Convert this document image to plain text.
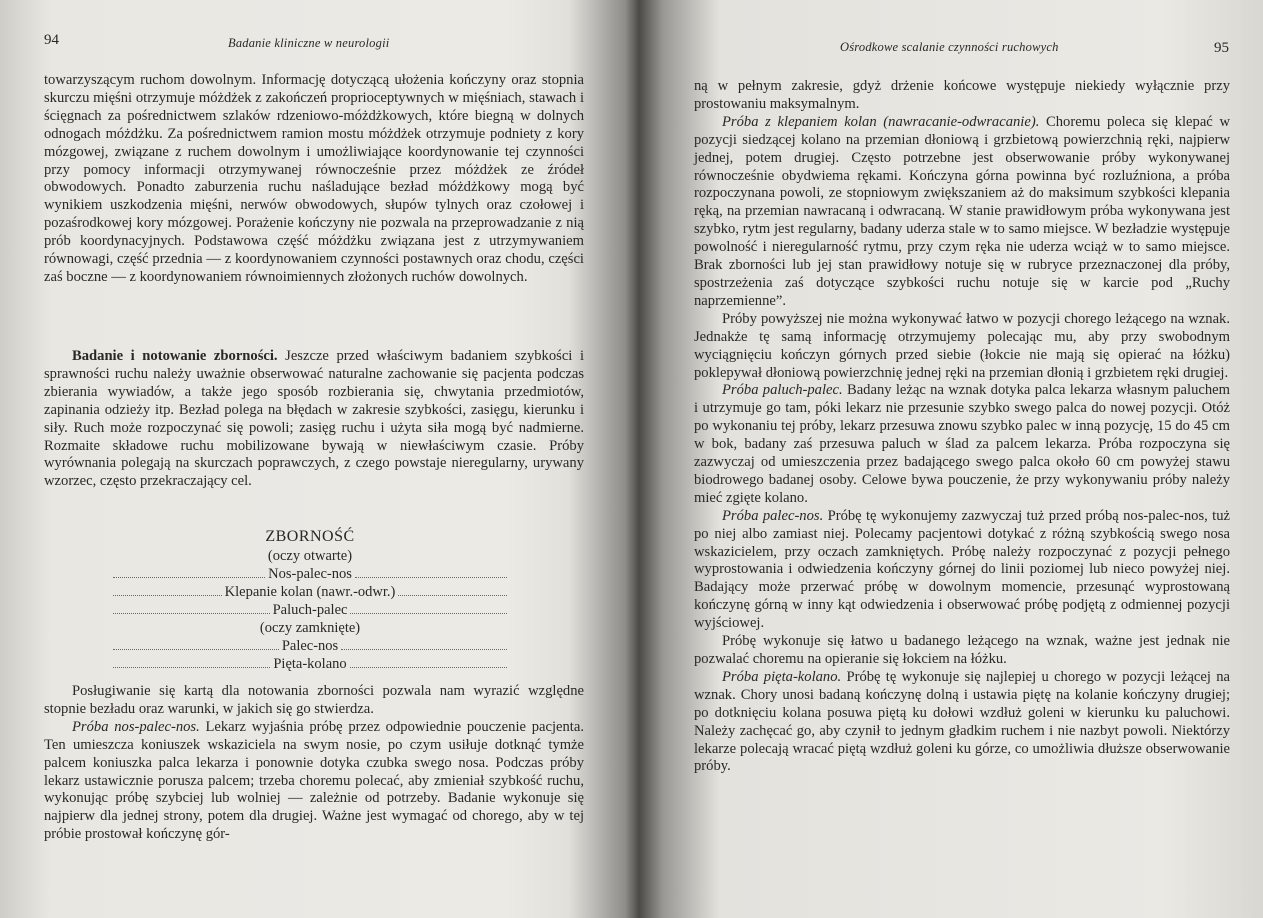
94	Badanie kliniczne w neurologii

towarzyszącym ruchom dowolnym. Informację dotyczącą ułożenia kończyny oraz stopnia skurczu mięśni otrzymuje móżdżek z zakończeń proprioceptywnych w mięśniach, stawach i ścięgnach za pośrednictwem szlaków rdzeniowo-móżdżkowych, które biegną w dolnych odnogach móżdżku. Za pośrednictwem ramion mostu móżdżek otrzymuje podniety z kory mózgowej, związane z ruchem dowolnym i umożliwiające koordynowanie tej czynności przy pomocy informacji otrzymywanej równocześnie przez móżdżek ze źródeł obwodowych. Ponadto zaburzenia ruchu naśladujące bezład móżdżkowy mogą być wynikiem uszkodzenia mięśni, nerwów obwodowych, słupów tylnych oraz czołowej i pozaśrodkowej kory mózgowej. Porażenie kończyny nie pozwala na przeprowadzanie z nią prób koordynacyjnych. Podstawowa część móżdżku związana jest z utrzymywaniem równowagi, część przednia — z koordynowaniem czynności postawnych oraz chodu, części zaś boczne — z koordynowaniem równoimiennych złożonych ruchów dowolnych.

Badanie i notowanie zborności. Jeszcze przed właściwym badaniem szybkości i sprawności ruchu należy uważnie obserwować naturalne zachowanie się pacjenta podczas zbierania wywiadów, a także jego sposób rozbierania się, chwytania przedmiotów, zapinania odzieży itp. Bezład polega na błędach w zakresie szybkości, zasięgu, kierunku i siły. Ruch może rozpoczynać się powoli; zasięg ruchu i użyta siła mogą być nadmierne. Rozmaite składowe ruchu mobilizowane bywają w niewłaściwym czasie. Próby wyrównania polegają na skurczach poprawczych, z czego powstaje nieregularny, urywany wzorzec, często przekraczający cel.

ZBORNOŚĆ
(oczy otwarte)
Nos-palec-nos
Klepanie kolan (nawr.-odwr.)
Paluch-palec
(oczy zamknięte)
Palec-nos
Pięta-kolano

Posługiwanie się kartą dla notowania zborności pozwala nam wyrazić względne stopnie bezładu oraz warunki, w jakich się go stwierdza.

Próba nos-palec-nos. Lekarz wyjaśnia próbę przez odpowiednie pouczenie pacjenta. Ten umieszcza koniuszek wskaziciela na swym nosie, po czym usiłuje dotknąć tymże palcem koniuszka palca lekarza i ponownie dotyka czubka swego nosa. Podczas próby lekarz ustawicznie porusza palcem; trzeba choremu polecać, aby zmieniał szybkość ruchu, wykonując próbę szybciej lub wolniej — zależnie od potrzeby. Badanie wykonuje się najpierw dla jednej strony, potem dla drugiej. Ważne jest wymagać od chorego, aby w tej próbie prostował kończynę gór-

Ośrodkowe scalanie czynności ruchowych	95

ną w pełnym zakresie, gdyż drżenie końcowe występuje niekiedy wyłącznie przy prostowaniu maksymalnym.

Próba z klepaniem kolan (nawracanie-odwracanie). Choremu poleca się klepać w pozycji siedzącej kolano na przemian dłoniową i grzbietową powierzchnią ręki, najpierw jednej, potem drugiej. Często potrzebne jest obserwowanie próby wykonywanej równocześnie obydwiema rękami. Kończyna górna powinna być rozluźniona, a próba rozpoczynana powoli, ze stopniowym zwiększaniem aż do maksimum szybkości klepania ręką, na przemian nawracaną i odwracaną. W stanie prawidłowym próba wykonywana jest szybko, rytm jest regularny, badany uderza stale w to samo miejsce. W bezładzie występuje powolność i nieregularność rytmu, przy czym ręka nie uderza wciąż w to samo miejsce. Brak zborności lub jej stan prawidłowy notuje się w rubryce przeznaczonej dla próby, spostrzeżenia zaś dotyczące szybkości ruchu notuje się w karcie pod „Ruchy naprzemienne”.

Próby powyższej nie można wykonywać łatwo w pozycji chorego leżącego na wznak. Jednakże tę samą informację otrzymujemy polecając mu, aby przy swobodnym wyciągnięciu kończyn górnych przed siebie (łokcie nie mają się opierać na łóżku) poklepywał dłoniową powierzchnię jednej ręki na przemian dłonią i grzbietem ręki drugiej.

Próba paluch-palec. Badany leżąc na wznak dotyka palca lekarza własnym paluchem i utrzymuje go tam, póki lekarz nie przesunie szybko swego palca do nowej pozycji. Otóż po wykonaniu tej próby, lekarz przesuwa znowu szybko palec w inną pozycję, 15 do 45 cm w bok, badany zaś przesuwa paluch w ślad za palcem lekarza. Próba rozpoczyna się zazwyczaj od umieszczenia przez badającego swego palca około 60 cm powyżej stawu biodrowego badanej osoby. Celowe bywa pouczenie, że przy wykonywaniu próby należy mieć zgięte kolano.

Próba palec-nos. Próbę tę wykonujemy zazwyczaj tuż przed próbą nos-palec-nos, tuż po niej albo zamiast niej. Polecamy pacjentowi dotykać z różną szybkością swego nosa wskazicielem, przy oczach zamkniętych. Próbę należy rozpoczynać z pozycji pełnego wyprostowania i odwiedzenia kończyny górnej do linii poziomej lub nieco powyżej niej. Badający może przerwać próbę w dowolnym momencie, przesunąć wyprostowaną kończynę górną w inny kąt odwiedzenia i obserwować próbę podjętą z odmiennej pozycji wyjściowej.

Próbę wykonuje się łatwo u badanego leżącego na wznak, ważne jest jednak nie pozwalać choremu na opieranie się łokciem na łóżku.

Próba pięta-kolano. Próbę tę wykonuje się najlepiej u chorego w pozycji leżącej na wznak. Chory unosi badaną kończynę dolną i ustawia piętę na kolanie kończyny drugiej; po dotknięciu kolana posuwa piętą ku dołowi wzdłuż goleni w kierunku ku paluchowi. Należy zachęcać go, aby czynił to jednym gładkim ruchem i nie nazbyt powoli. Niektórzy lekarze polecają wracać piętą wzdłuż goleni ku górze, co umożliwia dłuższe obserwowanie próby.
